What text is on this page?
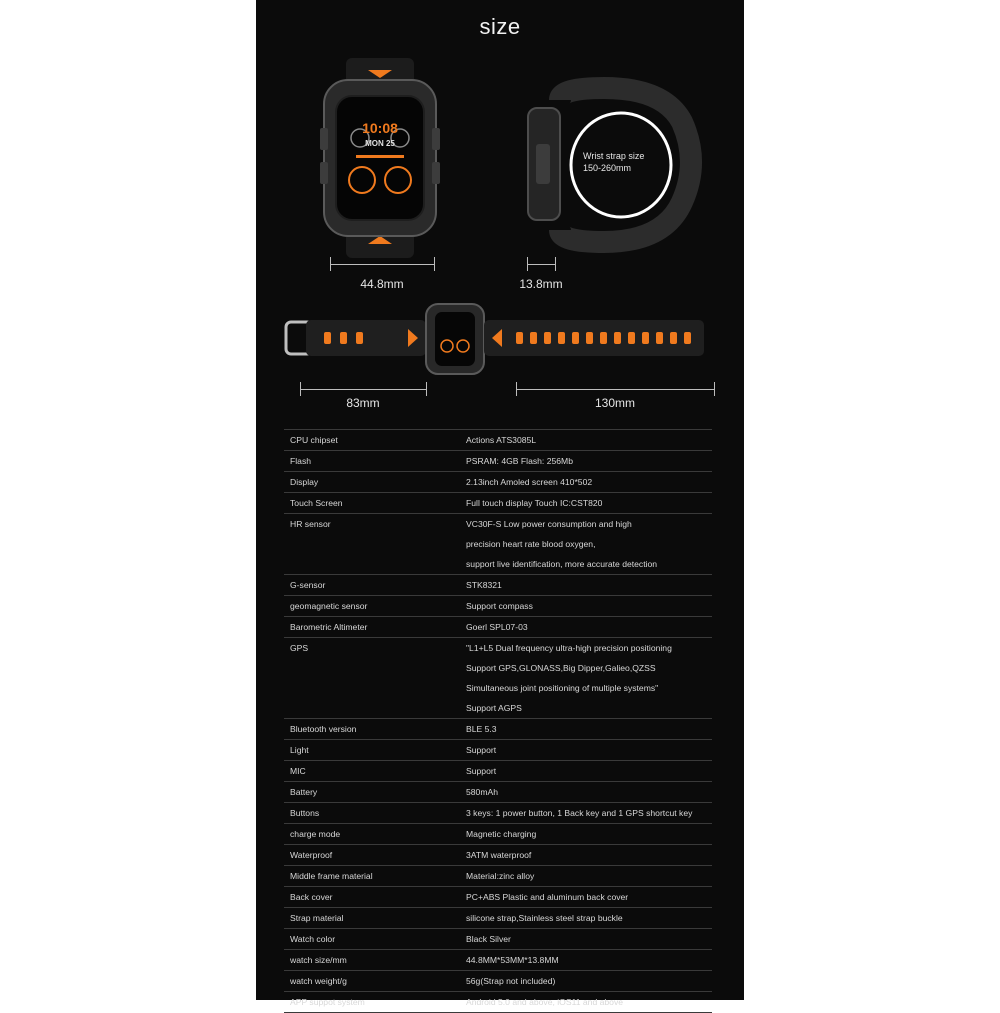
size
10:08
MON 25
Wrist strap size
150-260mm
44.8mm	13.8mm
83mm	130mm
CPU chipset	Actions ATS3085L
Flash	PSRAM: 4GB Flash: 256Mb
Display	2.13inch Amoled screen 410*502
Touch Screen	Full touch display Touch IC:CST820
HR sensor	VC30F-S Low power consumption and high
precision heart rate blood oxygen,
support live identification, more accurate detection
G-sensor	STK8321
geomagnetic sensor	Support compass
Barometric Altimeter	Goerl SPL07-03
GPS	"L1+L5 Dual frequency ultra-high precision positioning
Support GPS,GLONASS,Big Dipper,Galieo,QZSS
Simultaneous joint positioning of multiple systems"
Support AGPS
Bluetooth version	BLE 5.3
Light	Support
MIC	Support
Battery	580mAh
Buttons	3 keys: 1 power button, 1 Back key and 1 GPS shortcut key
charge mode	Magnetic charging
Waterproof	3ATM waterproof
Middle frame material	Material:zinc alloy
Back cover	PC+ABS Plastic and aluminum back cover
Strap material	silicone strap,Stainless steel strap buckle
Watch color	Black Silver
watch size/mm	44.8MM*53MM*13.8MM
watch weight/g	56g(Strap not included)
APP suppot system	Android 5.0 and above, iOS11 and above
